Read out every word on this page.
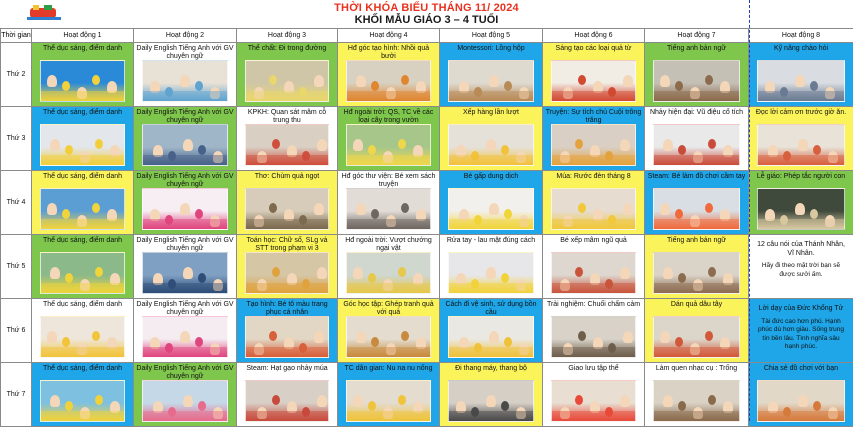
THỜI KHÓA BIỂU THÁNG 11/ 2024
KHỐI MẪU GIÁO 3 – 4 TUỔI
Thời gian	Hoạt động 1	Hoạt động 2	Hoạt động 3	Hoạt động 4	Hoạt động 5	Hoạt động 6	Hoạt động 7	Hoạt động 8
Thứ 2	Thể dục sáng, điểm danh	Daily English Tiếng Anh với GV chuyên ngữ	Thể chất: Đi trong đường	Hđ góc tạo hình: Nhồi quả bưởi	Montessori: Lồng hộp	Sáng tạo các loại quả từ	Tiếng anh bản ngữ	Kỹ năng chào hỏi

Thứ 3	Thể dục sáng, điểm danh	Daily English Tiếng Anh với GV chuyên ngữ	KPKH: Quan sát mâm cỗ trung thu	Hđ ngoài trời: QS, TC về các loại cây trong vườn	Xếp hàng lần lượt	Truyện: Sự tích chú Cuội trông trăng	Nhảy hiện đại: Vũ điệu cổ tích	Đọc lời cảm ơn trước giờ ăn.

Thứ 4	Thể dục sáng, điểm danh	Daily English Tiếng Anh với GV chuyên ngữ	Thơ: Chùm quả ngọt	Hđ góc thư viện: Bé xem sách truyện	Bé gấp dung dịch	Múa: Rước đèn tháng 8	Steam: Bé làm đồ chơi cầm tay	Lễ giáo: Phép tắc người con

Thứ 5	Thể dục sáng, điểm danh	Daily English Tiếng Anh với GV chuyên ngữ	Toán học: Chữ số, SLg và STT trong phạm vi 3	Hđ ngoài trời: Vượt chướng ngại vật	Rửa tay - lau mặt đúng cách	Bé xếp mâm ngũ quả	Tiếng anh bản ngữ	12 câu nói của Thánh Nhân, Vĩ Nhân.

Hãy đi theo mặt trời bạn sẽ được sưởi ấm.

Thứ 6	Thể dục sáng, điểm danh	Daily English Tiếng Anh với GV chuyên ngữ	Tạo hình: Bé tô màu trang phục cá nhân	Góc học tập: Ghép tranh quả với quả	Cách đi vệ sinh, sử dụng bồn cầu	Trải nghiệm: Chuối chấm cảm	Dán quả dâu tây	Lời dạy của Đức Khổng Tử

Tài đức cao hơn phú. Hạnh phúc dù hơn giàu. Sống trung tín bền lâu. Tình nghĩa sâu hạnh phúc.

Thứ 7	Thể dục sáng, điểm danh	Daily English Tiếng Anh với GV chuyên ngữ	Steam: Hạt gạo nhảy múa	TC dân gian: Nu na nu nống	Đi thang máy, thang bộ	Giao lưu tập thể	Làm quen nhạc cụ : Trống	Chia sẻ đồ chơi với bạn
